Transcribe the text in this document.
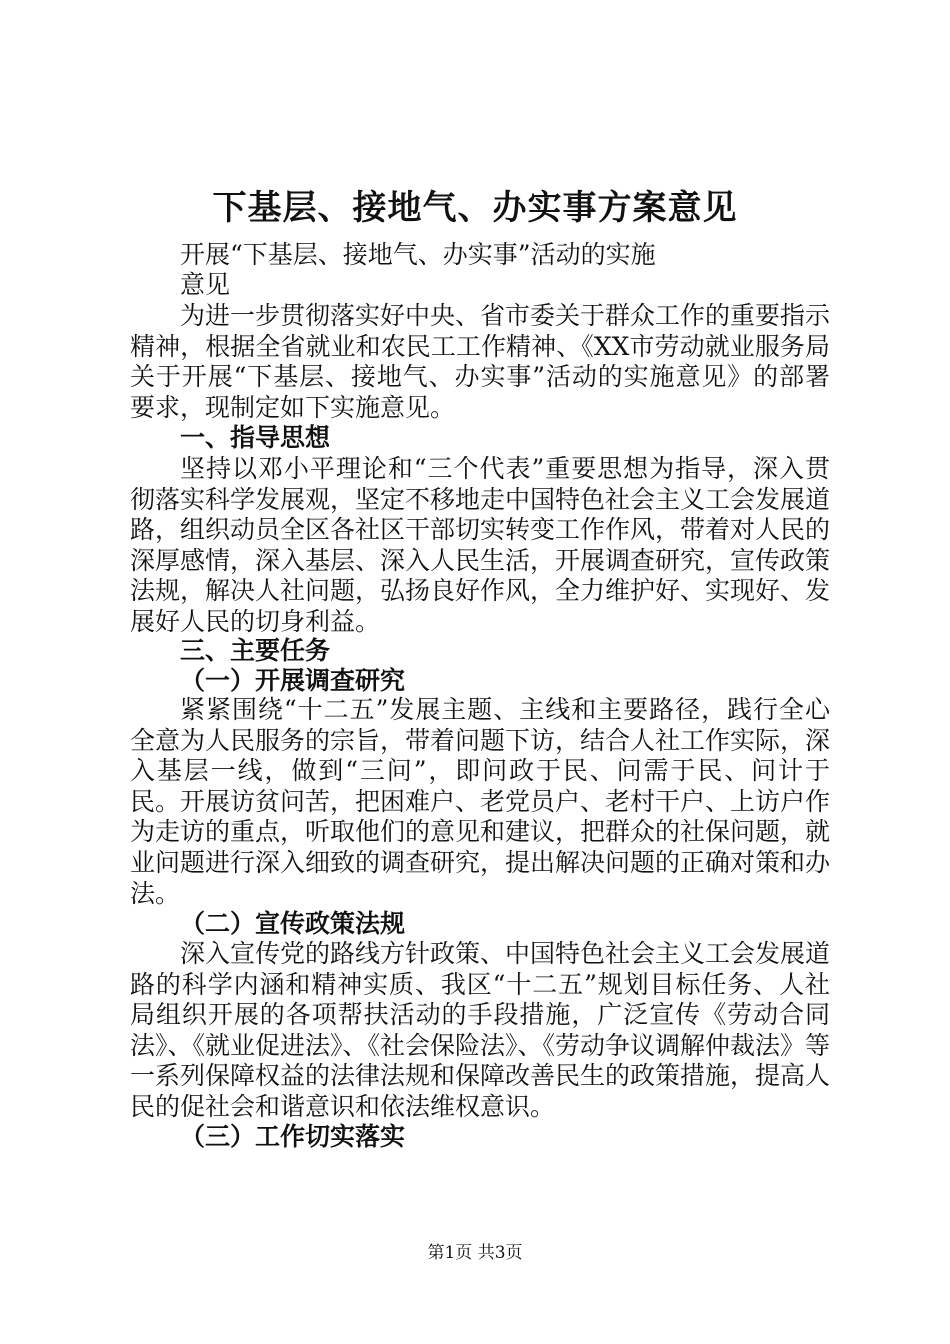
下基层、接地气、办实事方案意见
开展“下基层、接地气、办实事”活动的实施
意见
为进一步贯彻落实好中央、省市委关于群众工作的重要指示精神，根据全省就业和农民工工作精神、《XX市劳动就业服务局关于开展“下基层、接地气、办实事”活动的实施意见》的部署要求，现制定如下实施意见。
一、指导思想
坚持以邓小平理论和“三个代表”重要思想为指导，深入贯彻落实科学发展观，坚定不移地走中国特色社会主义工会发展道路，组织动员全区各社区干部切实转变工作作风，带着对人民的深厚感情，深入基层、深入人民生活，开展调查研究，宣传政策法规，解决人社问题，弘扬良好作风，全力维护好、实现好、发展好人民的切身利益。
三、主要任务
（一）开展调查研究
紧紧围绕“十二五”发展主题、主线和主要路径，践行全心全意为人民服务的宗旨，带着问题下访，结合人社工作实际，深入基层一线，做到“三问”，即问政于民、问需于民、问计于民。开展访贫问苦，把困难户、老党员户、老村干户、上访户作为走访的重点，听取他们的意见和建议，把群众的社保问题，就业问题进行深入细致的调查研究，提出解决问题的正确对策和办法。
（二）宣传政策法规
深入宣传党的路线方针政策、中国特色社会主义工会发展道路的科学内涵和精神实质、我区“十二五”规划目标任务、人社局组织开展的各项帮扶活动的手段措施，广泛宣传《劳动合同法》、《就业促进法》、《社会保险法》、《劳动争议调解仲裁法》等一系列保障权益的法律法规和保障改善民生的政策措施，提高人民的促社会和谐意识和依法维权意识。
（三）工作切实落实
第1页 共3页
